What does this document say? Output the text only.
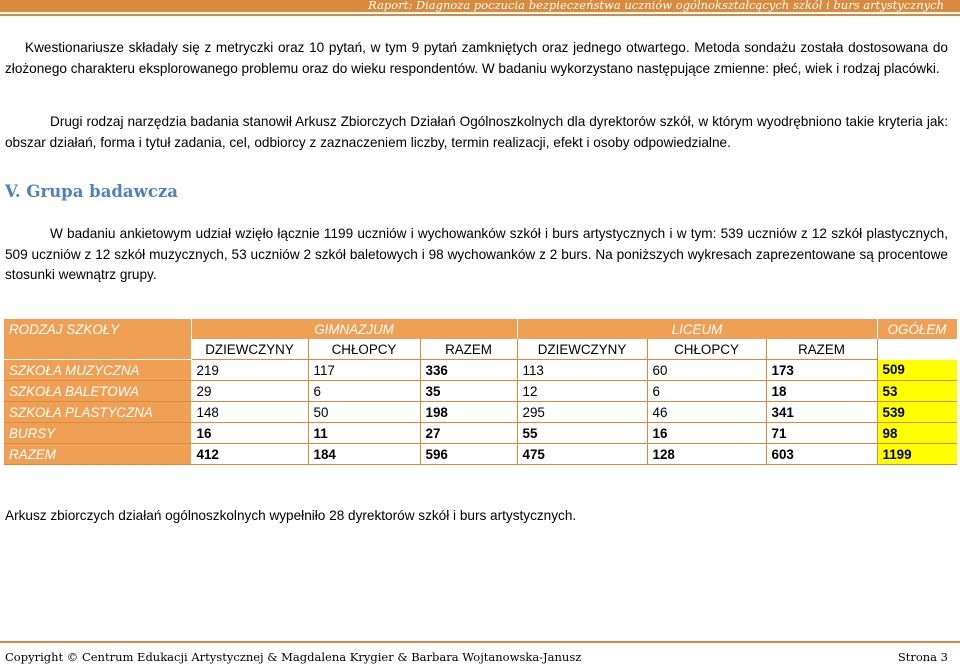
Raport: Diagnoza poczucia bezpieczeństwa uczniów ogólnokształcących szkół i burs artystycznych

Kwestionariusze składały się z metryczki oraz 10 pytań, w tym 9 pytań zamkniętych oraz jednego otwartego. Metoda sondażu została dostosowana do złożonego charakteru eksplorowanego problemu oraz do wieku respondentów. W badaniu wykorzystano następujące zmienne: płeć, wiek i rodzaj placówki.

Drugi rodzaj narzędzia badania stanowił Arkusz Zbiorczych Działań Ogólnoszkolnych dla dyrektorów szkół, w którym wyodrębniono takie kryteria jak: obszar działań, forma i tytuł zadania, cel, odbiorcy z zaznaczeniem liczby, termin realizacji, efekt i osoby odpowiedzialne.

V. Grupa badawcza

W badaniu ankietowym udział wzięło łącznie 1199 uczniów i wychowanków szkół i burs artystycznych i w tym: 539 uczniów z 12 szkół plastycznych, 509 uczniów z 12 szkół muzycznych, 53 uczniów 2 szkół baletowych i 98 wychowanków z 2 burs. Na poniższych wykresach zaprezentowane są procentowe stosunki wewnątrz grupy.

RODZAJ SZKOŁY	GIMNAZJUM			LICEUM			OGÓŁEM
	DZIEWCZYNY	CHŁOPCY	RAZEM	DZIEWCZYNY	CHŁOPCY	RAZEM	
SZKOŁA MUZYCZNA	219	117	336	113	60	173	509
SZKOŁA BALETOWA	29	6	35	12	6	18	53
SZKOŁA PLASTYCZNA	148	50	198	295	46	341	539
BURSY	16	11	27	55	16	71	98
RAZEM	412	184	596	475	128	603	1199

Arkusz zbiorczych działań ogólnoszkolnych wypełniło 28 dyrektorów szkół i burs artystycznych.

Copyright © Centrum Edukacji Artystycznej & Magdalena Krygier & Barbara Wojtanowska-Janusz	Strona 3
